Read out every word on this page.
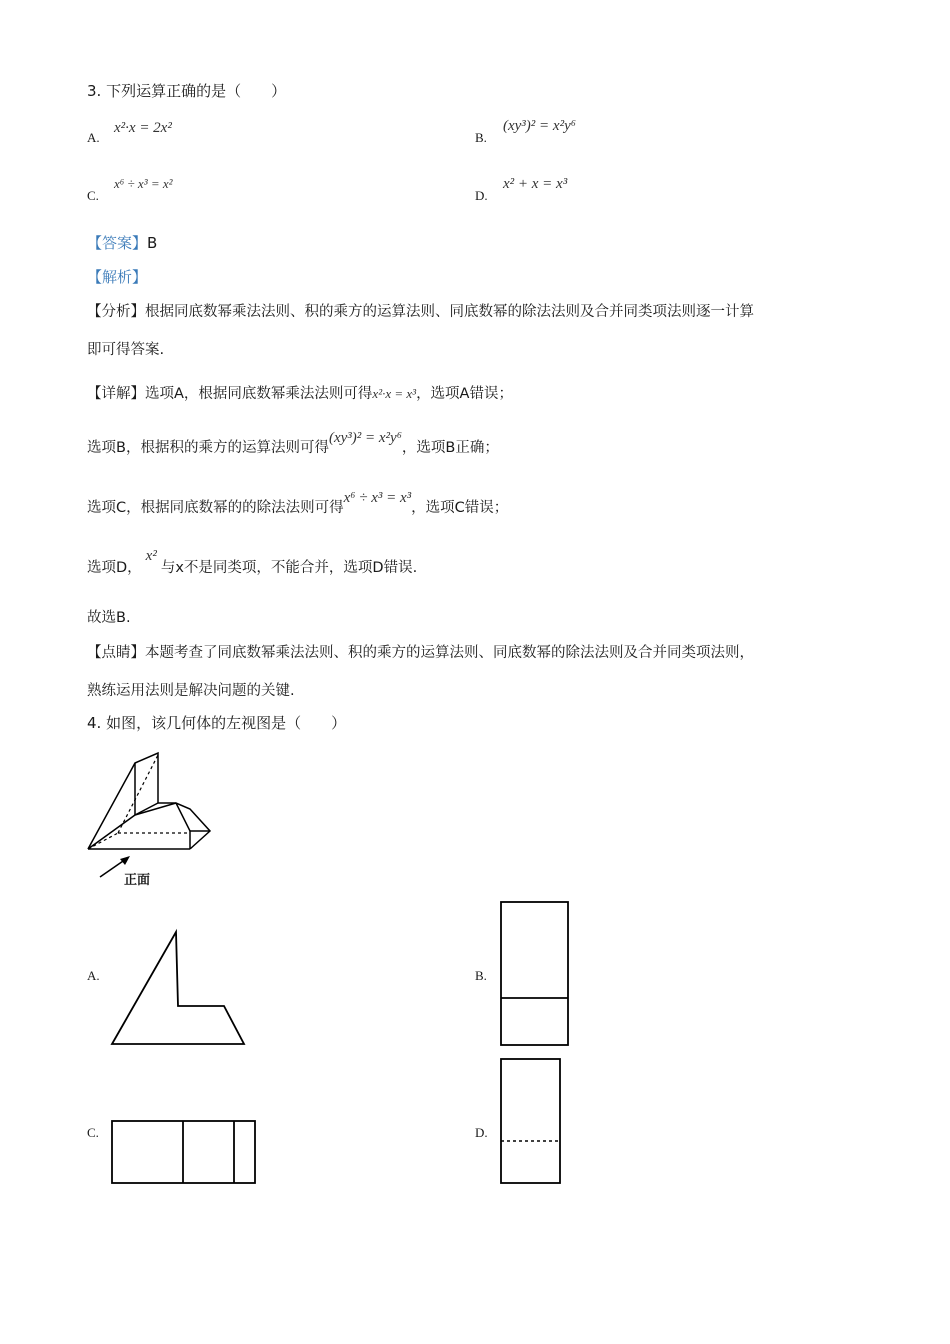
3. 下列运算正确的是（　　）
A.
x²·x = 2x²
B.
(xy³)² = x²y⁶
C.
x⁶ ÷ x³ = x²
D.
x² + x = x³
【答案】B
【解析】
【分析】根据同底数幂乘法法则、积的乘方的运算法则、同底数幂的除法法则及合并同类项法则逐一计算
即可得答案.
【详解】选项A，根据同底数幂乘法法则可得x²·x = x³，选项A错误；
选项B，根据积的乘方的运算法则可得(xy³)² = x²y⁶，选项B正确；
选项C，根据同底数幂的的除法法则可得x⁶ ÷ x³ = x³，选项C错误；
选项D，x²与x不是同类项，不能合并，选项D错误.
故选B.
【点睛】本题考查了同底数幂乘法法则、积的乘方的运算法则、同底数幂的除法法则及合并同类项法则，
熟练运用法则是解决问题的关键.
4. 如图，该几何体的左视图是（　　）
正面
A.	B.
C.	D.
